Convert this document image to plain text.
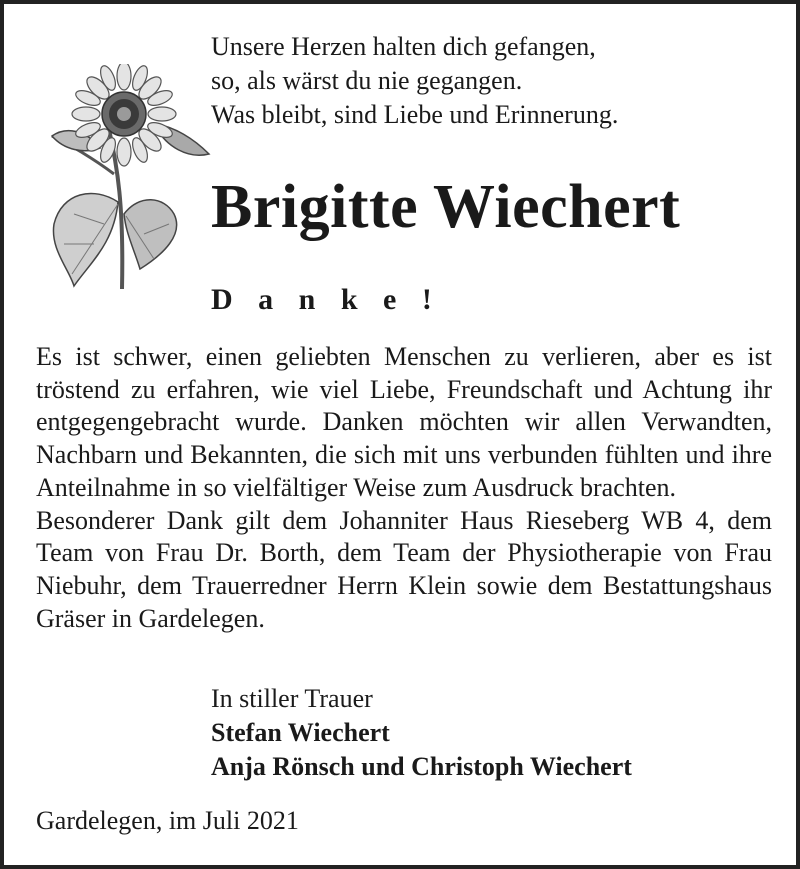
Unsere Herzen halten dich gefangen,
so, als wärst du nie gegangen.
Was bleibt, sind Liebe und Erinnerung.
Brigitte Wiechert
D a n k e !

Es ist schwer, einen geliebten Menschen zu verlieren, aber es ist tröstend zu erfahren, wie viel Liebe, Freundschaft und Achtung ihr entgegengebracht wurde. Danken möchten wir allen Verwandten, Nachbarn und Bekannten, die sich mit uns verbunden fühlten und ihre Anteilnahme in so vielfältiger Weise zum Ausdruck brachten.

Besonderer Dank gilt dem Johanniter Haus Rieseberg WB 4, dem Team von Frau Dr. Borth, dem Team der Physiotherapie von Frau Niebuhr, dem Trauerredner Herrn Klein sowie dem Bestattungshaus Gräser in Gardelegen.

In stiller Trauer
Stefan Wiechert
Anja Rönsch und Christoph Wiechert
Gardelegen, im Juli 2021
